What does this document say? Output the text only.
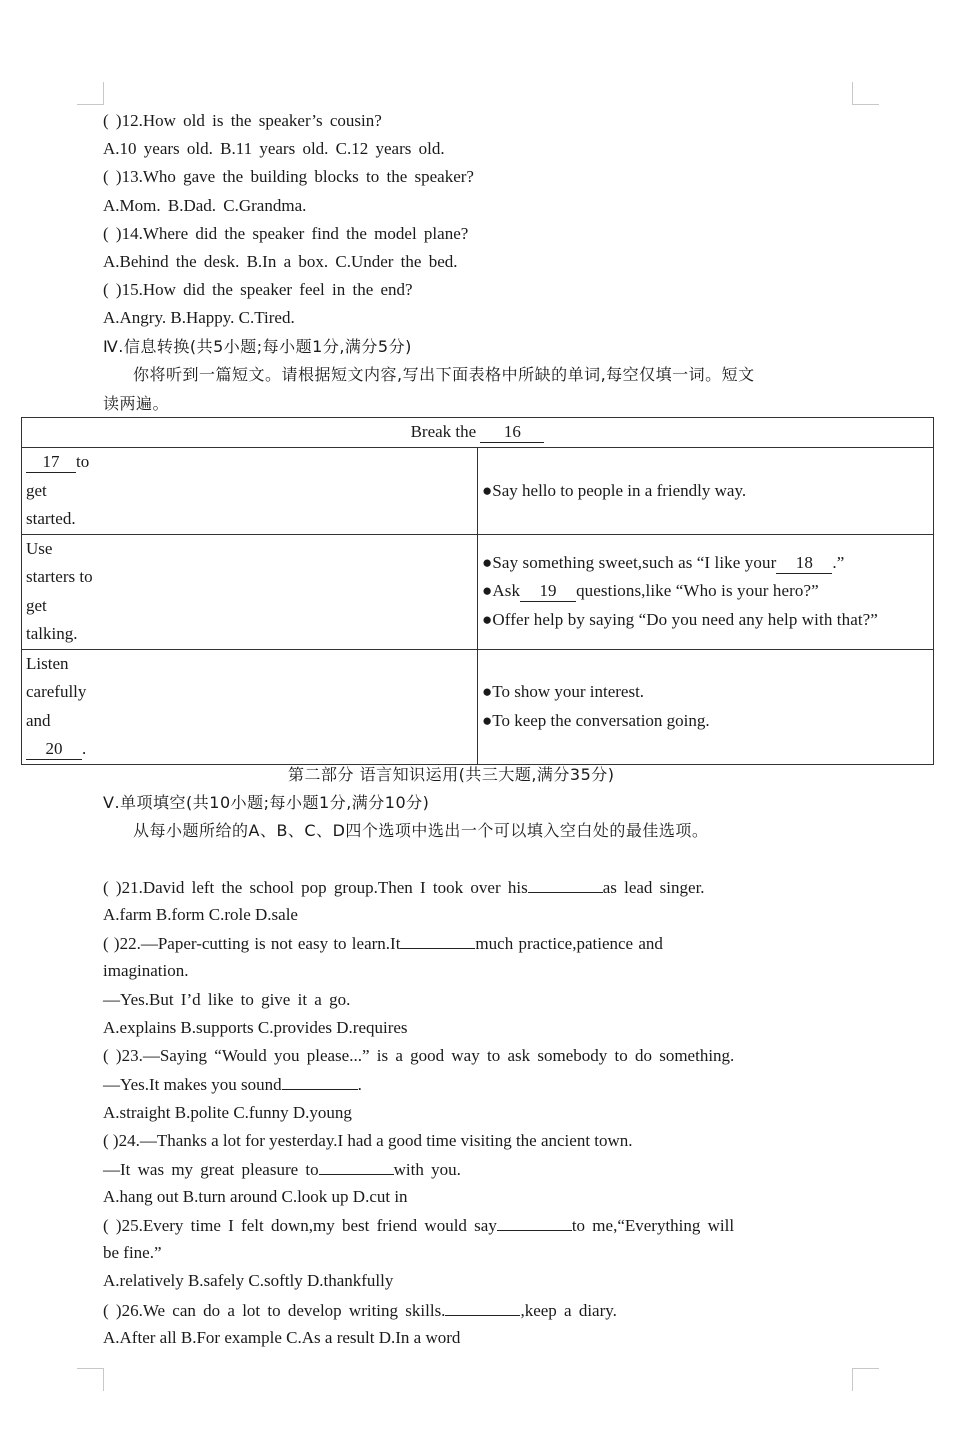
( )12.How old is the speaker’s cousin?
A.10 years old. B.11 years old. C.12 years old.
( )13.Who gave the building blocks to the speaker?
A.Mom. B.Dad. C.Grandma.
( )14.Where did the speaker find the model plane?
A.Behind the desk. B.In a box. C.Under the bed.
( )15.How did the speaker feel in the end?
A.Angry. B.Happy. C.Tired.
Ⅳ.信息转换(共5小题;每小题1分,满分5分)
你将听到一篇短文。请根据短文内容,写出下面表格中所缺的单词,每空仅填一词。短文
读两遍。
Break the 16	
17 to
get
started.	●Say hello to people in a friendly way.
Use
starters to
get
talking.	●Say something sweet,such as “I like your 18 .”
●Ask 19 questions,like “Who is your hero?”
●Offer help by saying “Do you need any help with that?”
Listen
carefully
and
20 .	●To show your interest.
●To keep the conversation going.
第二部分 语言知识运用(共三大题,满分35分)
Ⅴ.单项填空(共10小题;每小题1分,满分10分)
从每小题所给的A、B、C、D四个选项中选出一个可以填入空白处的最佳选项。
( )21.David left the school pop group.Then I took over his	as lead singer.
A.farm B.form C.role D.sale
( )22.—Paper-cutting is not easy to learn.It	much practice,patience and
imagination.
—Yes.But I’d like to give it a go.
A.explains B.supports C.provides D.requires
( )23.—Saying “Would you please...” is a good way to ask somebody to do something.
—Yes.It makes you sound	.
A.straight B.polite C.funny D.young
( )24.—Thanks a lot for yesterday.I had a good time visiting the ancient town.
—It was my great pleasure to	with you.
A.hang out B.turn around C.look up D.cut in
( )25.Every time I felt down,my best friend would say	to me,“Everything will
be fine.”
A.relatively B.safely C.softly D.thankfully
( )26.We can do a lot to develop writing skills.	,keep a diary.
A.After all B.For example C.As a result D.In a word
